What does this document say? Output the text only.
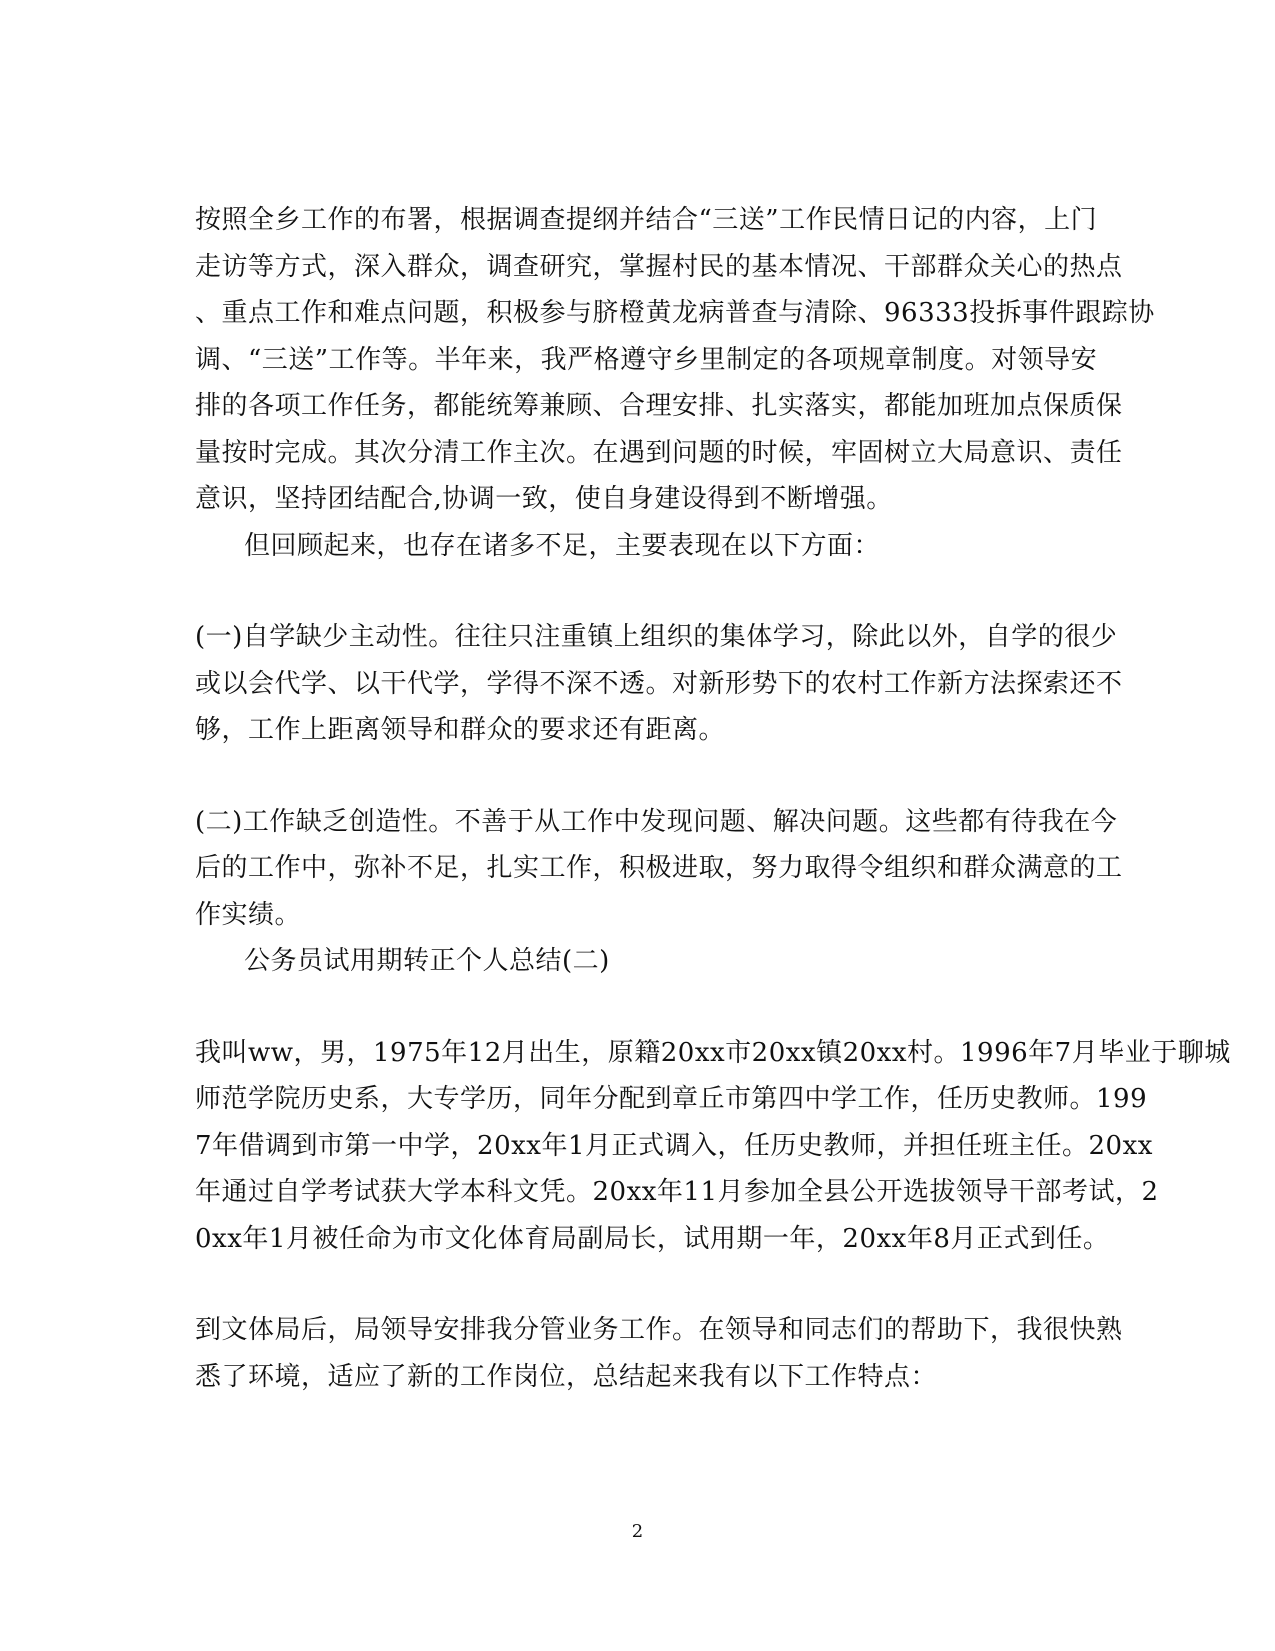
按照全乡工作的布署，根据调查提纲并结合“三送”工作民情日记的内容，上门
走访等方式，深入群众，调查研究，掌握村民的基本情况、干部群众关心的热点
、重点工作和难点问题，积极参与脐橙黄龙病普查与清除、96333投拆事件跟踪协
调、“三送”工作等。半年来，我严格遵守乡里制定的各项规章制度。对领导安
排的各项工作任务，都能统筹兼顾、合理安排、扎实落实，都能加班加点保质保
量按时完成。其次分清工作主次。在遇到问题的时候，牢固树立大局意识、责任
意识，坚持团结配合,协调一致，使自身建设得到不断增强。
但回顾起来，也存在诸多不足，主要表现在以下方面：
(一)自学缺少主动性。往往只注重镇上组织的集体学习，除此以外，自学的很少
或以会代学、以干代学，学得不深不透。对新形势下的农村工作新方法探索还不
够，工作上距离领导和群众的要求还有距离。
(二)工作缺乏创造性。不善于从工作中发现问题、解决问题。这些都有待我在今
后的工作中，弥补不足，扎实工作，积极进取，努力取得令组织和群众满意的工
作实绩。
公务员试用期转正个人总结(二)
我叫ww，男，1975年12月出生，原籍20xx市20xx镇20xx村。1996年7月毕业于聊城
师范学院历史系，大专学历，同年分配到章丘市第四中学工作，任历史教师。199
7年借调到市第一中学，20xx年1月正式调入，任历史教师，并担任班主任。20xx
年通过自学考试获大学本科文凭。20xx年11月参加全县公开选拔领导干部考试，2
0xx年1月被任命为市文化体育局副局长，试用期一年，20xx年8月正式到任。
到文体局后，局领导安排我分管业务工作。在领导和同志们的帮助下，我很快熟
悉了环境，适应了新的工作岗位，总结起来我有以下工作特点：
2
